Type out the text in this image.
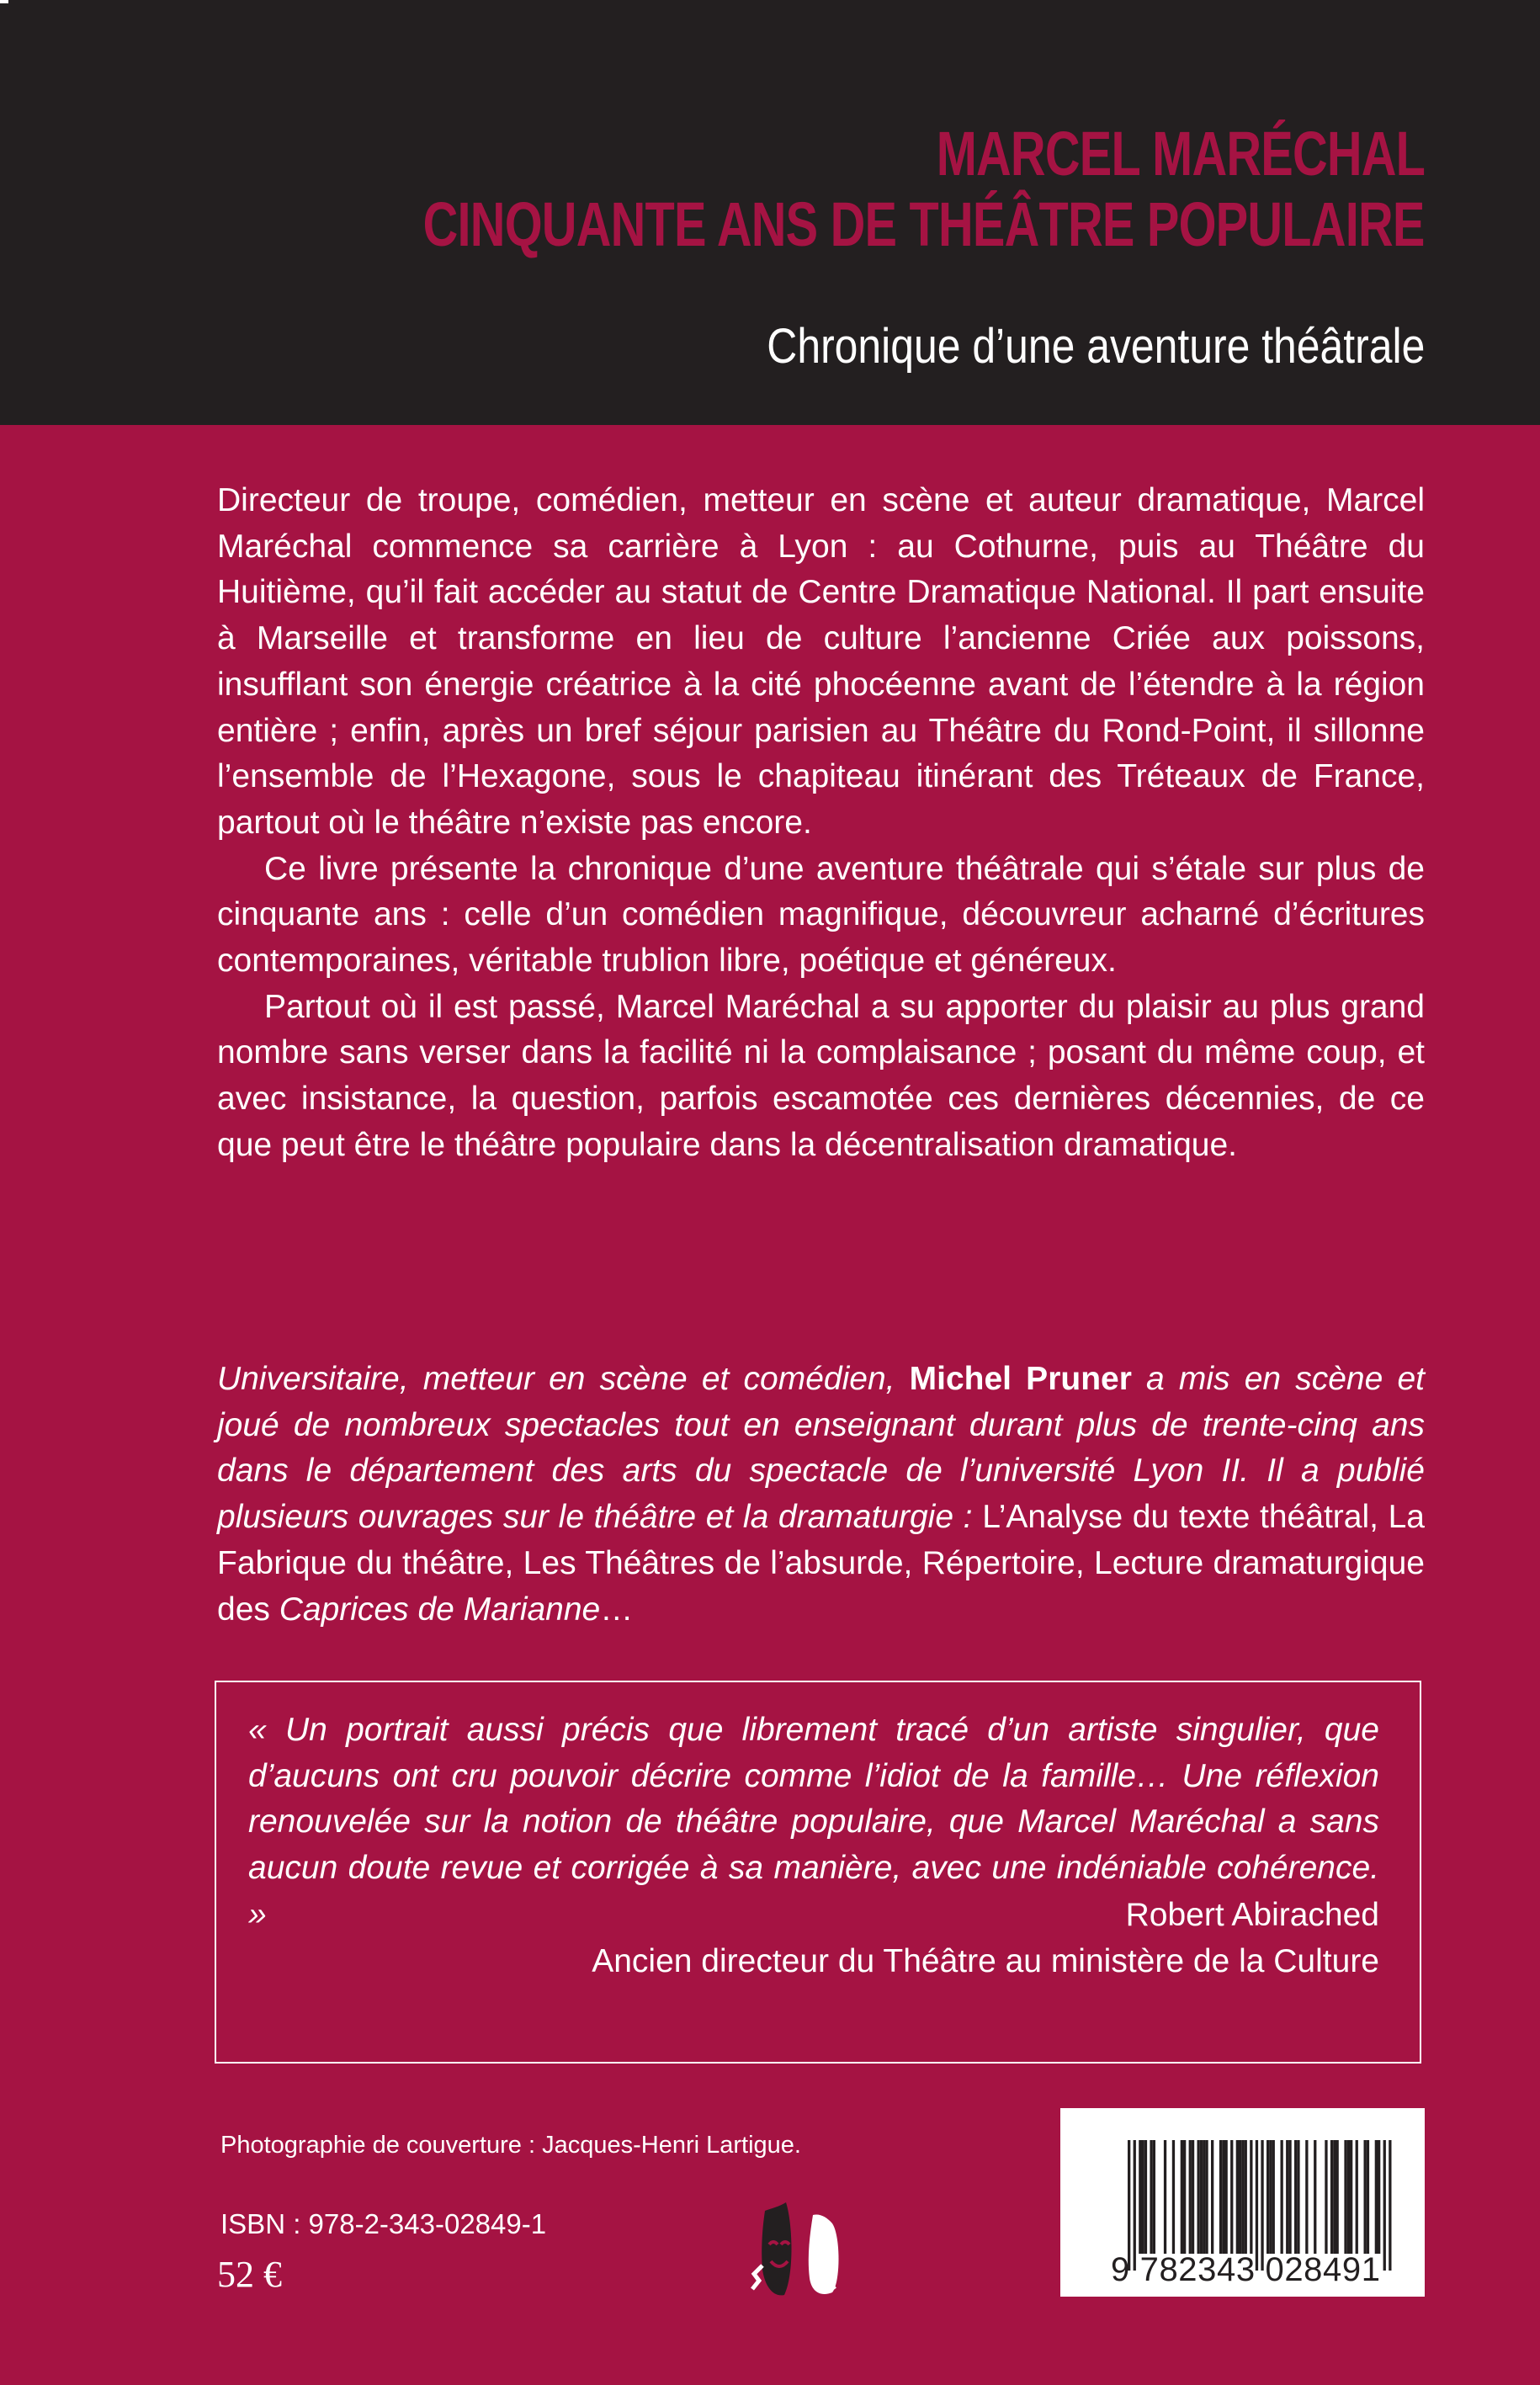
MARCEL MARÉCHAL
CINQUANTE ANS DE THÉÂTRE POPULAIRE
Chronique d’une aventure théâtrale

Directeur de troupe, comédien, metteur en scène et auteur dramatique, Marcel Maréchal commence sa carrière à Lyon : au Cothurne, puis au Théâtre du Huitième, qu’il fait accéder au statut de Centre Dramatique National. Il part ensuite à Marseille et transforme en lieu de culture l’ancienne Criée aux poissons, insufflant son énergie créatrice à la cité phocéenne avant de l’étendre à la région entière ; enfin, après un bref séjour parisien au Théâtre du Rond-Point, il sillonne l’ensemble de l’Hexagone, sous le chapiteau itinérant des Tréteaux de France, partout où le théâtre n’existe pas encore.

Ce livre présente la chronique d’une aventure théâtrale qui s’étale sur plus de cinquante ans : celle d’un comédien magnifique, découvreur acharné d’écritures contemporaines, véritable trublion libre, poétique et généreux.

Partout où il est passé, Marcel Maréchal a su apporter du plaisir au plus grand nombre sans verser dans la facilité ni la complaisance ; posant du même coup, et avec insistance, la question, parfois escamotée ces dernières décennies, de ce que peut être le théâtre populaire dans la décentralisation dramatique.

Universitaire, metteur en scène et comédien, Michel Pruner a mis en scène et joué de nombreux spectacles tout en enseignant durant plus de trente-cinq ans dans le département des arts du spectacle de l’université Lyon II. Il a publié plusieurs ouvrages sur le théâtre et la dramaturgie : L’Analyse du texte théâtral, La Fabrique du théâtre, Les Théâtres de l’absurde, Répertoire, Lecture dramaturgique des Caprices de Marianne…

« Un portrait aussi précis que librement tracé d’un artiste singulier, que d’aucuns ont cru pouvoir décrire comme l’idiot de la famille… Une réflexion renouvelée sur la notion de théâtre populaire, que Marcel Maréchal a sans aucun doute revue et corrigée à sa manière, avec une indéniable cohérence. »	Robert Abirached
Ancien directeur du Théâtre au ministère de la Culture
Photographie de couverture : Jacques-Henri Lartigue.
ISBN : 978-2-343-02849-1
52 €	9 782343 028491
